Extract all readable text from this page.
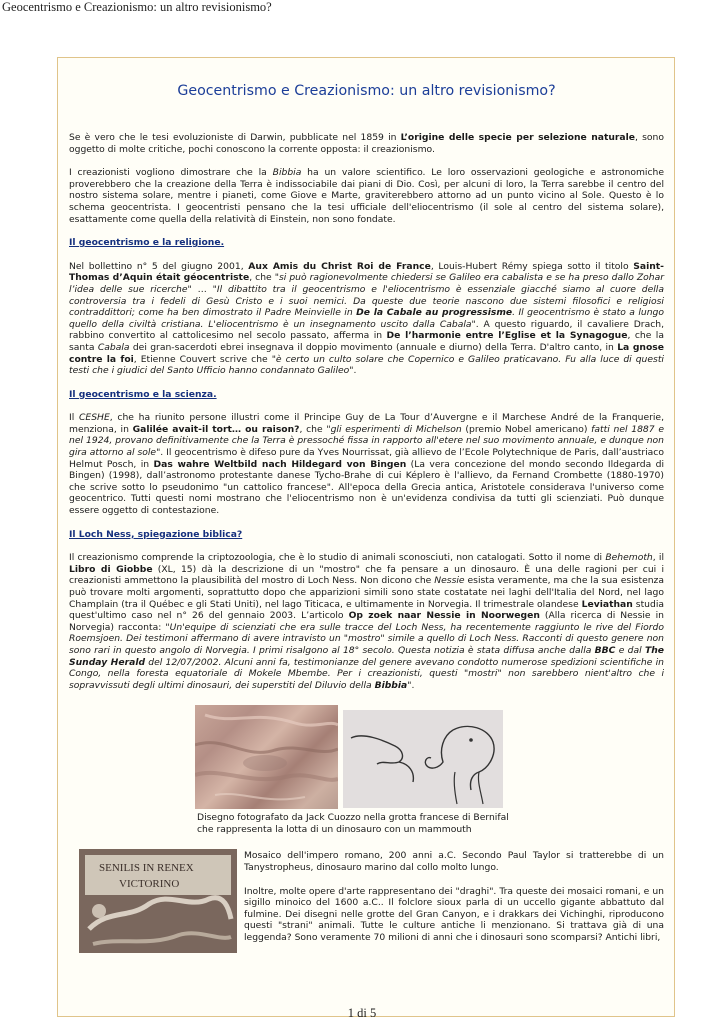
Geocentrismo e Creazionismo: un altro revisionismo?
Geocentrismo e Creazionismo: un altro revisionismo?

Se è vero che le tesi evoluzioniste di Darwin, pubblicate nel 1859 in L’origine delle specie per selezione naturale, sono oggetto di molte critiche, pochi conoscono la corrente opposta: il creazionismo.

I creazionisti vogliono dimostrare che la Bibbia ha un valore scientifico. Le loro osservazioni geologiche e astronomiche proverebbero che la creazione della Terra è indissociabile dai piani di Dio. Così, per alcuni di loro, la Terra sarebbe il centro del nostro sistema solare, mentre i pianeti, come Giove e Marte, graviterebbero attorno ad un punto vicino al Sole. Questo è lo schema geocentrista. I geocentristi pensano che la tesi ufficiale dell'eliocentrismo (il sole al centro del sistema solare), esattamente come quella della relatività di Einstein, non sono fondate.

Il geocentrismo e la religione.

Nel bollettino n° 5 del giugno 2001, Aux Amis du Christ Roi de France, Louis-Hubert Rémy spiega sotto il titolo Saint-Thomas d’Aquin était géocentriste, che "si può ragionevolmente chiedersi se Galileo era cabalista e se ha preso dallo Zohar l’idea delle sue ricerche" … "Il dibattito tra il geocentrismo e l'eliocentrismo è essenziale giacché siamo al cuore della controversia tra i fedeli di Gesù Cristo e i suoi nemici. Da queste due teorie nascono due sistemi filosofici e religiosi contraddittori; come ha ben dimostrato il Padre Meinvielle in De la Cabale au progressisme. Il geocentrismo è stato a lungo quello della civiltà cristiana. L'eliocentrismo è un insegnamento uscito dalla Cabala". A questo riguardo, il cavaliere Drach, rabbino convertito al cattolicesimo nel secolo passato, afferma in De l’harmonie entre l’Eglise et la Synagogue, che la santa Cabala dei gran-sacerdoti ebrei insegnava il doppio movimento (annuale e diurno) della Terra. D'altro canto, in La gnose contre la foi, Etienne Couvert scrive che "è certo un culto solare che Copernico e Galileo praticavano. Fu alla luce di questi testi che i giudici del Santo Ufficio hanno condannato Galileo".

Il geocentrismo e la scienza.

Il CESHE, che ha riunito persone illustri come il Principe Guy de La Tour d’Auvergne e il Marchese André de la Franquerie, menziona, in Galilée avait-il tort… ou raison?, che "gli esperimenti di Michelson (premio Nobel americano) fatti nel 1887 e nel 1924, provano definitivamente che la Terra è pressoché fissa in rapporto all'etere nel suo movimento annuale, e dunque non gira attorno al sole". Il geocentrismo è difeso pure da Yves Nourrissat, già allievo de l’Ecole Polytechnique de Paris, dall’austriaco Helmut Posch, in Das wahre Weltbild nach Hildegard von Bingen (La vera concezione del mondo secondo Ildegarda di Bingen) (1998), dall’astronomo protestante danese Tycho-Brahe di cui Képlero è l'allievo, da Fernand Crombette (1880-1970) che scrive sotto lo pseudonimo "un cattolico francese". All'epoca della Grecia antica, Aristotele considerava l'universo come geocentrico. Tutti questi nomi mostrano che l'eliocentrismo non è un'evidenza condivisa da tutti gli scienziati. Può dunque essere oggetto di contestazione.

Il Loch Ness, spiegazione biblica?

Il creazionismo comprende la criptozoologia, che è lo studio di animali sconosciuti, non catalogati. Sotto il nome di Behemoth, il Libro di Giobbe (XL, 15) dà la descrizione di un "mostro" che fa pensare a un dinosauro. È una delle ragioni per cui i creazionisti ammettono la plausibilità del mostro di Loch Ness. Non dicono che Nessie esista veramente, ma che la sua esistenza può trovare molti argomenti, soprattutto dopo che apparizioni simili sono state costatate nei laghi dell'Italia del Nord, nel lago Champlain (tra il Québec e gli Stati Uniti), nel lago Titicaca, e ultimamente in Norvegia. Il trimestrale olandese Leviathan studia quest'ultimo caso nel n° 26 del gennaio 2003. L’articolo Op zoek naar Nessie in Noorwegen (Alla ricerca di Nessie in Norvegia) racconta: "Un'equipe di scienziati che era sulle tracce del Loch Ness, ha recentemente raggiunto le rive del Fiordo Roemsjoen. Dei testimoni affermano di avere intravisto un "mostro" simile a quello di Loch Ness. Racconti di questo genere non sono rari in questo angolo di Norvegia. I primi risalgono al 18° secolo. Questa notizia è stata diffusa anche dalla BBC e dal The Sunday Herald del 12/07/2002. Alcuni anni fa, testimonianze del genere avevano condotto numerose spedizioni scientifiche in Congo, nella foresta equatoriale di Mokele Mbembe. Per i creazionisti, questi "mostri" non sarebbero nient'altro che i sopravvissuti degli ultimi dinosauri, dei superstiti del Diluvio della Bibbia".

Disegno fotografato da Jack Cuozzo nella grotta francese di Bernifal che rappresenta la lotta di un dinosauro con un mammouth
SENILIS IN RENEX
VICTORINO

Mosaico dell'impero romano, 200 anni a.C. Secondo Paul Taylor si tratterebbe di un Tanystropheus, dinosauro marino dal collo molto lungo.

Inoltre, molte opere d'arte rappresentano dei "draghi". Tra queste dei mosaici romani, e un sigillo minoico del 1600 a.C.. Il folclore sioux parla di un uccello gigante abbattuto dal fulmine. Dei disegni nelle grotte del Gran Canyon, e i drakkars dei Vichinghi, riproducono questi "strani" animali. Tutte le culture antiche li menzionano. Si trattava già di una leggenda? Sono veramente 70 milioni di anni che i dinosauri sono scomparsi? Antichi libri,

1 di 5
